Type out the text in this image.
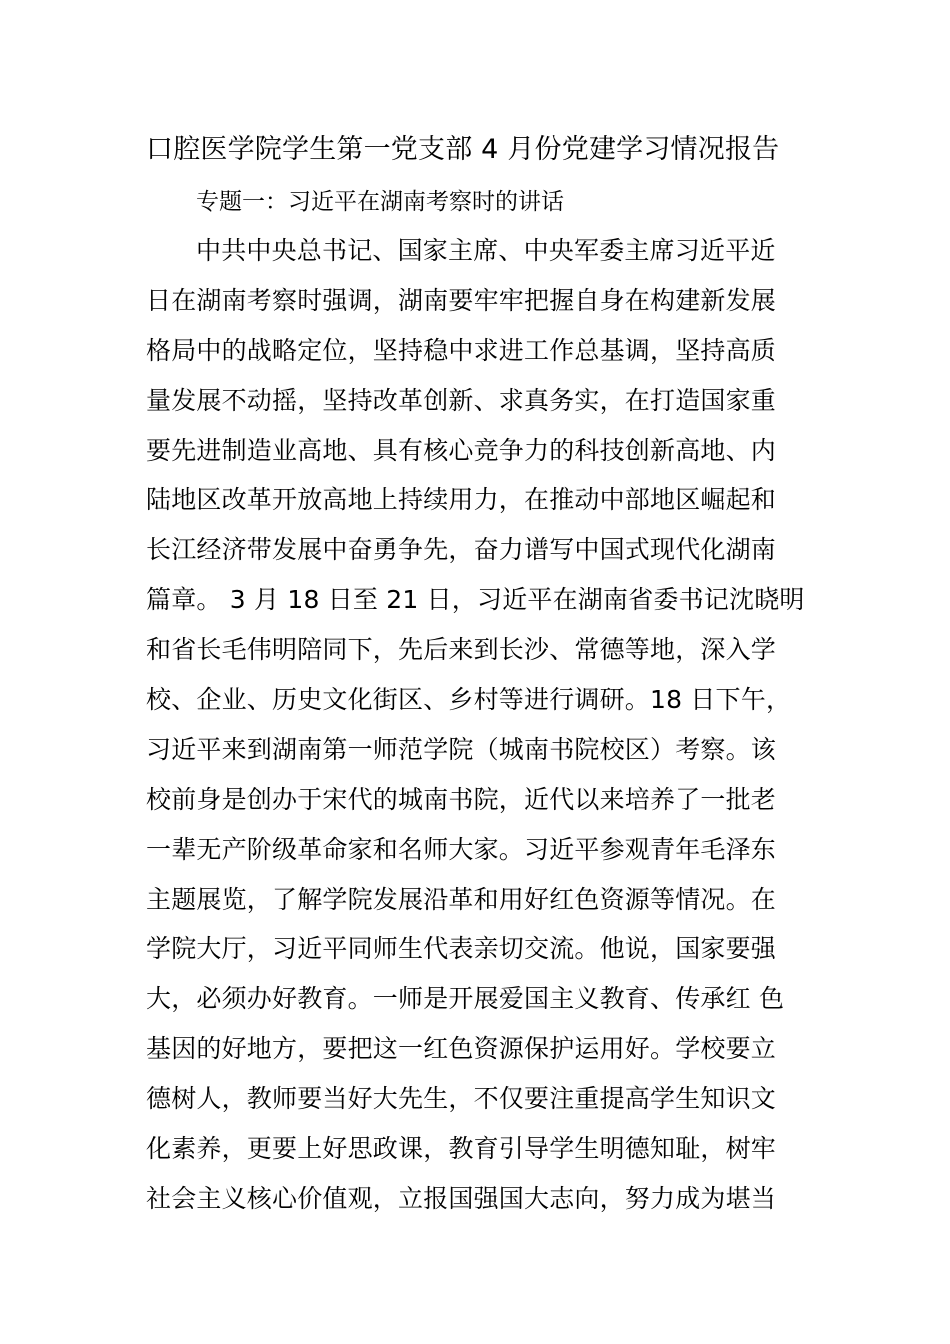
口腔医学院学生第一党支部 4 月份党建学习情况报告
专题一：习近平在湖南考察时的讲话
中共中央总书记、国家主席、中央军委主席习近平近
日在湖南考察时强调，湖南要牢牢把握自身在构建新发展
格局中的战略定位，坚持稳中求进工作总基调，坚持高质
量发展不动摇，坚持改革创新、求真务实，在打造国家重
要先进制造业高地、具有核心竞争力的科技创新高地、内
陆地区改革开放高地上持续用力，在推动中部地区崛起和
长江经济带发展中奋勇争先，奋力谱写中国式现代化湖南
篇章。 3 月 18 日至 21 日，习近平在湖南省委书记沈晓明
和省长毛伟明陪同下，先后来到长沙、常德等地，深入学
校、企业、历史文化街区、乡村等进行调研。18 日下午，
习近平来到湖南第一师范学院（城南书院校区）考察。该
校前身是创办于宋代的城南书院，近代以来培养了一批老
一辈无产阶级革命家和名师大家。习近平参观青年毛泽东
主题展览，了解学院发展沿革和用好红色资源等情况。在
学院大厅，习近平同师生代表亲切交流。他说，国家要强
大，必须办好教育。一师是开展爱国主义教育、传承红 色
基因的好地方，要把这一红色资源保护运用好。学校要立
德树人，教师要当好大先生，不仅要注重提高学生知识文
化素养，更要上好思政课，教育引导学生明德知耻，树牢
社会主义核心价值观，立报国强国大志向，努力成为堪当
